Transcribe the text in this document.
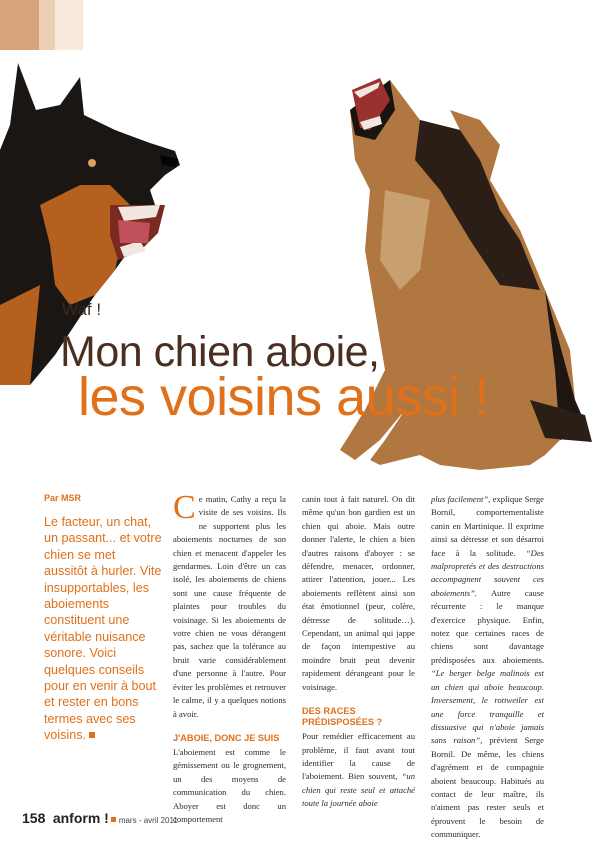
Waf !
Mon chien aboie,
les voisins aussi !
Par MSR
Le facteur, un chat, un passant... et votre chien se met aussitôt à hurler. Vite insupportables, les aboiements constituent une véritable nuisance sonore. Voici quelques conseils pour en venir à bout et rester en bons termes avec ses voisins.

Ce matin, Cathy a reçu la visite de ses voisins. Ils ne supportent plus les aboiements nocturnes de son chien et menacent d'appeler les gendarmes. Loin d'être un cas isolé, les aboiements de chiens sont une cause fréquente de plaintes pour troubles du voisinage. Si les aboiements de votre chien ne vous dérangent pas, sachez que la tolérance au bruit varie considérablement d'une personne à l'autre. Pour éviter les problèmes et retrouver le calme, il y a quelques notions à avoir.

J'ABOIE, DONC JE SUIS

L'aboiement est comme le gémissement ou le grognement, un des moyens de communication du chien. Aboyer est donc un comportement

canin tout à fait naturel. On dit même qu'un bon gardien est un chien qui aboie. Mais outre donner l'alerte, le chien a bien d'autres raisons d'aboyer : se défendre, menacer, ordonner, attirer l'attention, jouer... Les aboiements reflètent ainsi son état émotionnel (peur, colère, détresse de solitude…). Cependant, un animal qui jappe de façon intempestive au moindre bruit peut devenir rapidement dérangeant pour le voisinage.

DES RACES PRÉDISPOSÉES ?

Pour remédier efficacement au problème, il faut avant tout identifier la cause de l'aboiement. Bien souvent, “un chien qui reste seul et attaché toute la journée aboie

plus facilement”, explique Serge Bornil, comportementaliste canin en Martinique. Il exprime ainsi sa détresse et son désarroi face à la solitude. “Des malpropretés et des destructions accompagnent souvent ces aboiements”. Autre cause récurrente : le manque d'exercice physique. Enfin, notez que certaines races de chiens sont davantage prédisposées aux aboiements. “Le berger belge malinois est un chien qui aboie beaucoup. Inversement, le rottweiler est une force tranquille et dissuasive qui n'aboie jamais sans raison”, prévient Serge Bornil. De même, les chiens d'agrément et de compagnie aboient beaucoup. Habitués au contact de leur maître, ils n'aiment pas rester seuls et éprouvent le besoin de communiquer.

158 anform ! mars - avril 2011
